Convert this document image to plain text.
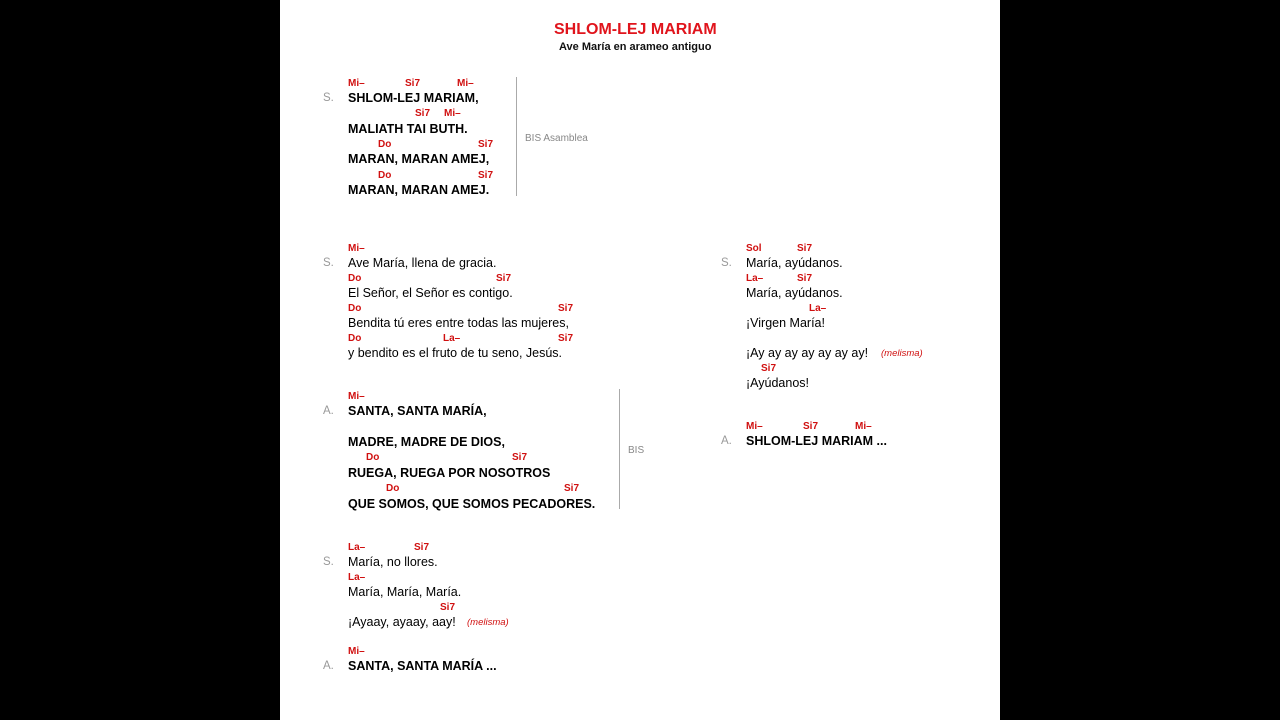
SHLOM-LEJ MARIAM
Ave María en arameo antiguo
Mi–	Si7	Mi–
S. SHLOM-LEJ MARIAM,
Si7 Mi–
MALIATH TAI BUTH.
Do	Si7
MARAN, MARAN AMEJ,
Do	Si7
MARAN, MARAN AMEJ.
BIS Asamblea
Mi–
S. Ave María, llena de gracia.
Do	Si7
El Señor, el Señor es contigo.
Do	Si7
Bendita tú eres entre todas las mujeres,
Do	La–	Si7
y bendito es el fruto de tu seno, Jesús.
Mi–
A. SANTA, SANTA MARÍA,
MADRE, MADRE DE DIOS,
Do	Si7
RUEGA, RUEGA POR NOSOTROS
Do	Si7
QUE SOMOS, QUE SOMOS PECADORES.
BIS
La–	Si7
S. María, no llores.
La–
María, María, María.
Si7
¡Ayaay, ayaay, aay! (melisma)
Mi–
A. SANTA, SANTA MARÍA ...
Sol	Si7
S. María, ayúdanos.
La–	Si7
María, ayúdanos.
La–
¡Virgen María!
¡Ay ay ay ay ay ay ay! (melisma)
Si7
¡Ayúdanos!
Mi–	Si7	Mi–
A. SHLOM-LEJ MARIAM ...
